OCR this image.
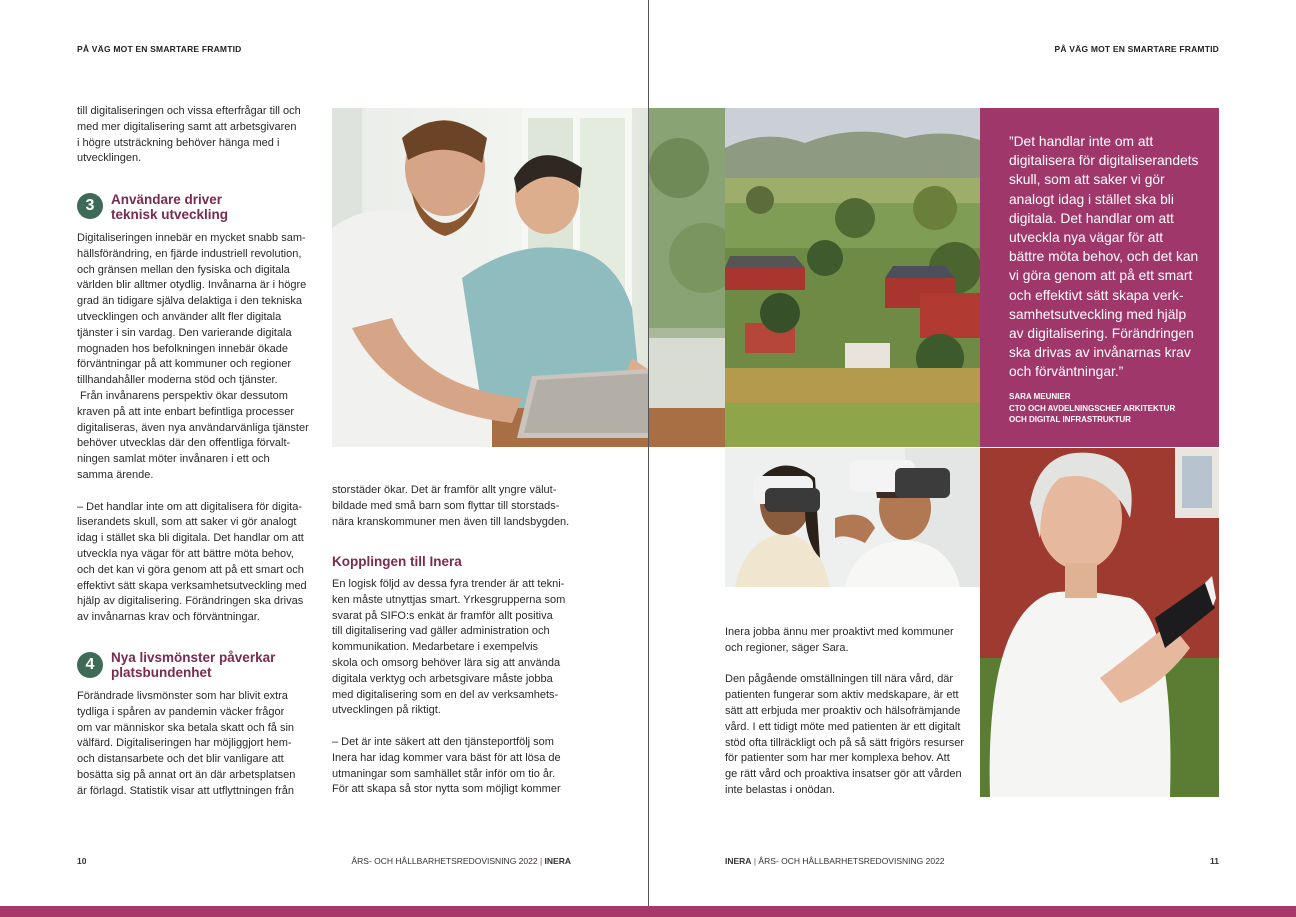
PÅ VÄG MOT EN SMARTARE FRAMTID	PÅ VÄG MOT EN SMARTARE FRAMTID

till digitaliseringen och vissa efterfrågar till och

med mer digitalisering samt att arbetsgivaren

i högre utsträckning behöver hänga med i

utvecklingen.

3	Användare driver
teknisk utveckling

Digitaliseringen innebär en mycket snabb sam-

hällsförändring, en fjärde industriell revolution,

och gränsen mellan den fysiska och digitala

världen blir alltmer otydlig. Invånarna är i högre

grad än tidigare själva delaktiga i den tekniska

utvecklingen och använder allt fler digitala

tjänster i sin vardag. Den varierande digitala

mognaden hos befolkningen innebär ökade

förväntningar på att kommuner och regioner

tillhandahåller moderna stöd och tjänster.

Från invånarens perspektiv ökar dessutom

kraven på att inte enbart befintliga processer

digitaliseras, även nya användarvänliga tjänster

behöver utvecklas där den offentliga förvalt-

ningen samlat möter invånaren i ett och

samma ärende.

– Det handlar inte om att digitalisera för digita-

liserandets skull, som att saker vi gör analogt

idag i stället ska bli digitala. Det handlar om att

utveckla nya vägar för att bättre möta behov,

och det kan vi göra genom att på ett smart och

effektivt sätt skapa verksamhetsutveckling med

hjälp av digitalisering. Förändringen ska drivas

av invånarnas krav och förväntningar.

4	Nya livsmönster påverkar
platsbundenhet

Förändrade livsmönster som har blivit extra

tydliga i spåren av pandemin väcker frågor

om var människor ska betala skatt och få sin

välfärd. Digitaliseringen har möjliggjort hem-

och distansarbete och det blir vanligare att

bosätta sig på annat ort än där arbetsplatsen

är förlagd. Statistik visar att utflyttningen från

storstäder ökar. Det är framför allt yngre välut-

bildade med små barn som flyttar till storstads-

nära kranskommuner men även till landsbygden.

Kopplingen till Inera

En logisk följd av dessa fyra trender är att tekni-

ken måste utnyttjas smart. Yrkesgrupperna som

svarat på SIFO:s enkät är framför allt positiva

till digitalisering vad gäller administration och

kommunikation. Medarbetare i exempelvis

skola och omsorg behöver lära sig att använda

digitala verktyg och arbetsgivare måste jobba

med digitalisering som en del av verksamhets-

utvecklingen på riktigt.

– Det är inte säkert att den tjänsteportfölj som

Inera har idag kommer vara bäst för att lösa de

utmaningar som samhället står inför om tio år.

För att skapa så stor nytta som möjligt kommer

10	ÅRS- OCH HÅLLBARHETSREDOVISNING 2022 | INERA
”Det handlar inte om att
digitalisera för digitaliserandets
skull, som att saker vi gör
analogt idag i stället ska bli
digitala. Det handlar om att
utveckla nya vägar för att
bättre möta behov, och det kan
vi göra genom att på ett smart
och effektivt sätt skapa verk-
samhetsutveckling med hjälp
av digitalisering. Förändringen
ska drivas av invånarnas krav
och förväntningar.”
SARA MEUNIER
CTO OCH AVDELNINGSCHEF ARKITEKTUR
OCH DIGITAL INFRASTRUKTUR

Inera jobba ännu mer proaktivt med kommuner

och regioner, säger Sara.

Den pågående omställningen till nära vård, där

patienten fungerar som aktiv medskapare, är ett

sätt att erbjuda mer proaktiv och hälsofrämjande

vård. I ett tidigt möte med patienten är ett digitalt

stöd ofta tillräckligt och på så sätt frigörs resurser

för patienter som har mer komplexa behov. Att

ge rätt vård och proaktiva insatser gör att vården

inte belastas i onödan.

INERA | ÅRS- OCH HÅLLBARHETSREDOVISNING 2022	11
